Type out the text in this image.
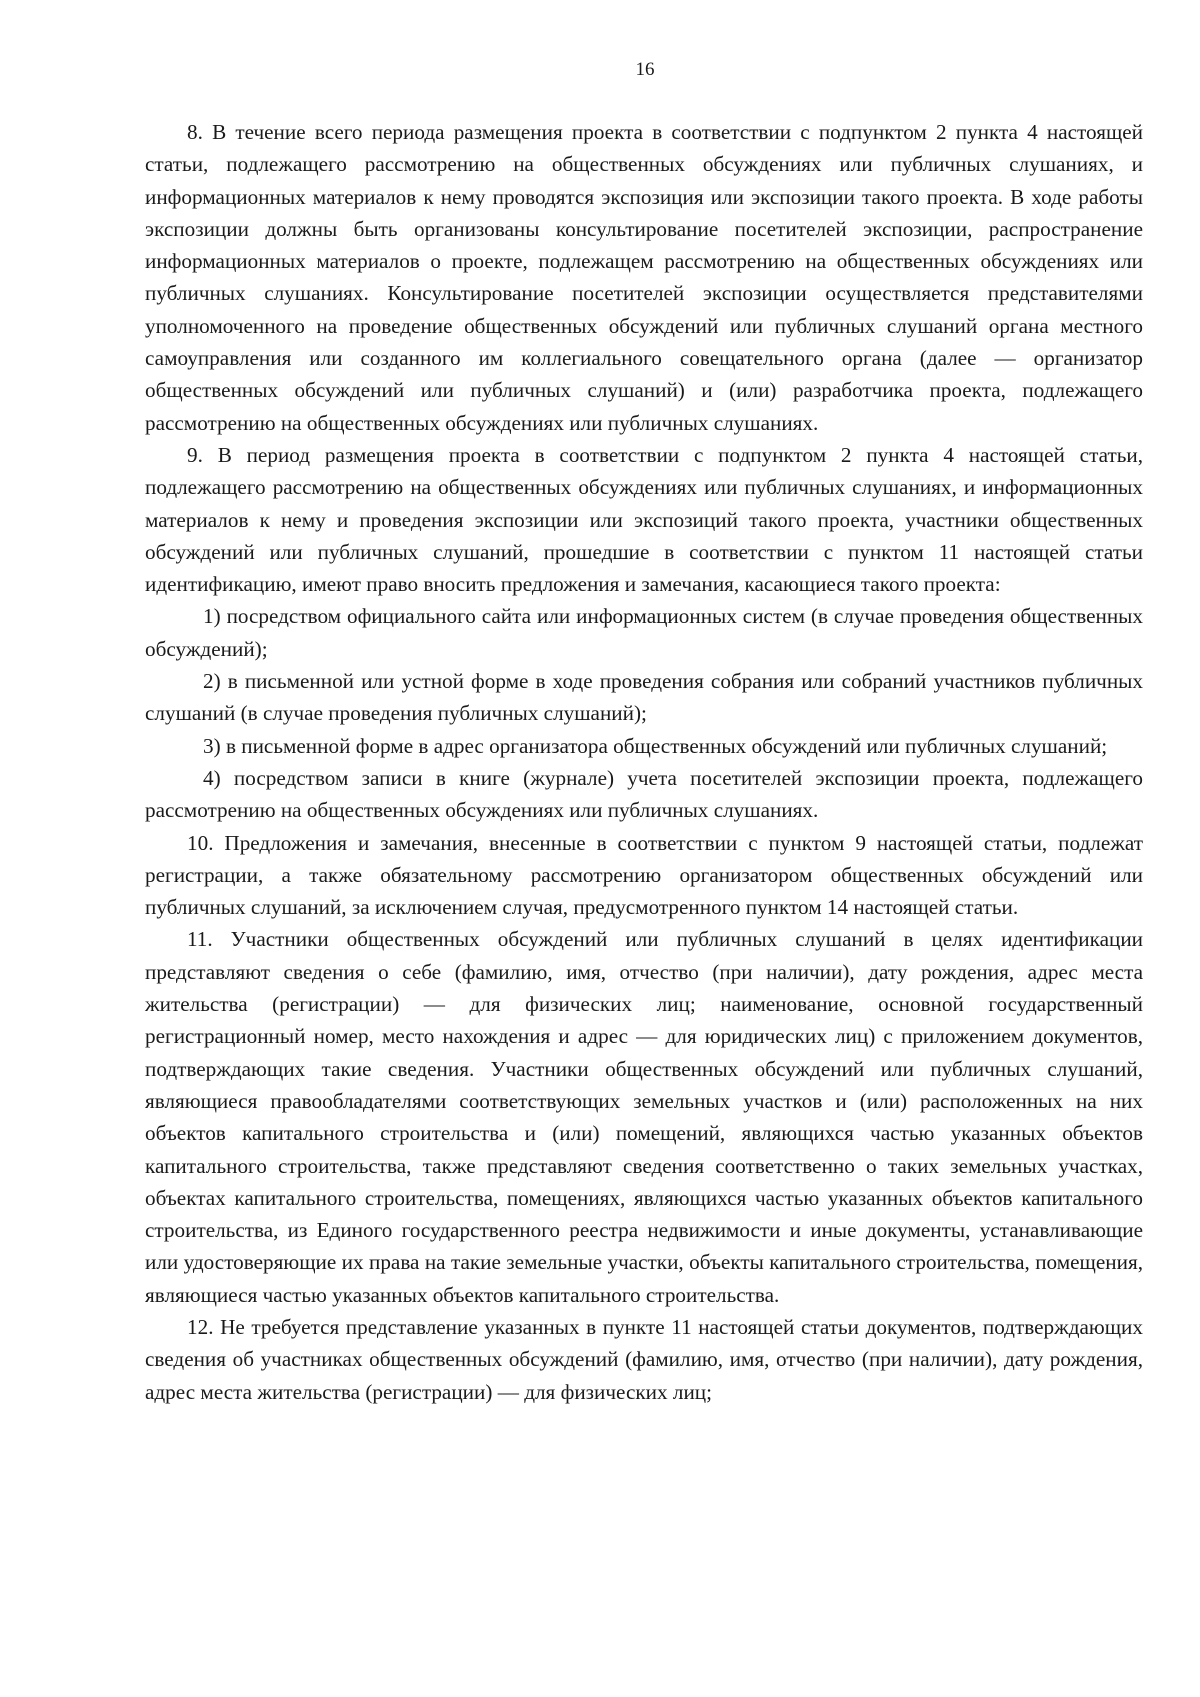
16

8. В течение всего периода размещения проекта в соответствии с подпунктом 2 пункта 4 настоящей статьи, подлежащего рассмотрению на общественных обсуждениях или публичных слушаниях, и информационных материалов к нему проводятся экспозиция или экспозиции такого проекта. В ходе работы экспозиции должны быть организованы консультирование посетителей экспозиции, распространение информационных материалов о проекте, подлежащем рассмотрению на общественных обсуждениях или публичных слушаниях. Консультирование посетителей экспозиции осуществляется представителями уполномоченного на проведение общественных обсуждений или публичных слушаний органа местного самоуправления или созданного им коллегиального совещательного органа (далее — организатор общественных обсуждений или публичных слушаний) и (или) разработчика проекта, подлежащего рассмотрению на общественных обсуждениях или публичных слушаниях.

9. В период размещения проекта в соответствии с подпунктом 2 пункта 4 настоящей статьи, подлежащего рассмотрению на общественных обсуждениях или публичных слушаниях, и информационных материалов к нему и проведения экспозиции или экспозиций такого проекта, участники общественных обсуждений или публичных слушаний, прошедшие в соответствии с пунктом 11 настоящей статьи идентификацию, имеют право вносить предложения и замечания, касающиеся такого проекта:

1) посредством официального сайта или информационных систем (в случае проведения общественных обсуждений);

2) в письменной или устной форме в ходе проведения собрания или собраний участников публичных слушаний (в случае проведения публичных слушаний);

3) в письменной форме в адрес организатора общественных обсуждений или публичных слушаний;

4) посредством записи в книге (журнале) учета посетителей экспозиции проекта, подлежащего рассмотрению на общественных обсуждениях или публичных слушаниях.

10. Предложения и замечания, внесенные в соответствии с пунктом 9 настоящей статьи, подлежат регистрации, а также обязательному рассмотрению организатором общественных обсуждений или публичных слушаний, за исключением случая, предусмотренного пунктом 14 настоящей статьи.

11. Участники общественных обсуждений или публичных слушаний в целях идентификации представляют сведения о себе (фамилию, имя, отчество (при наличии), дату рождения, адрес места жительства (регистрации) — для физических лиц; наименование, основной государственный регистрационный номер, место нахождения и адрес — для юридических лиц) с приложением документов, подтверждающих такие сведения. Участники общественных обсуждений или публичных слушаний, являющиеся правообладателями соответствующих земельных участков и (или) расположенных на них объектов капитального строительства и (или) помещений, являющихся частью указанных объектов капитального строительства, также представляют сведения соответственно о таких земельных участках, объектах капитального строительства, помещениях, являющихся частью указанных объектов капитального строительства, из Единого государственного реестра недвижимости и иные документы, устанавливающие или удостоверяющие их права на такие земельные участки, объекты капитального строительства, помещения, являющиеся частью указанных объектов капитального строительства.

12. Не требуется представление указанных в пункте 11 настоящей статьи документов, подтверждающих сведения об участниках общественных обсуждений (фамилию, имя, отчество (при наличии), дату рождения, адрес места жительства (регистрации) — для физических лиц;
